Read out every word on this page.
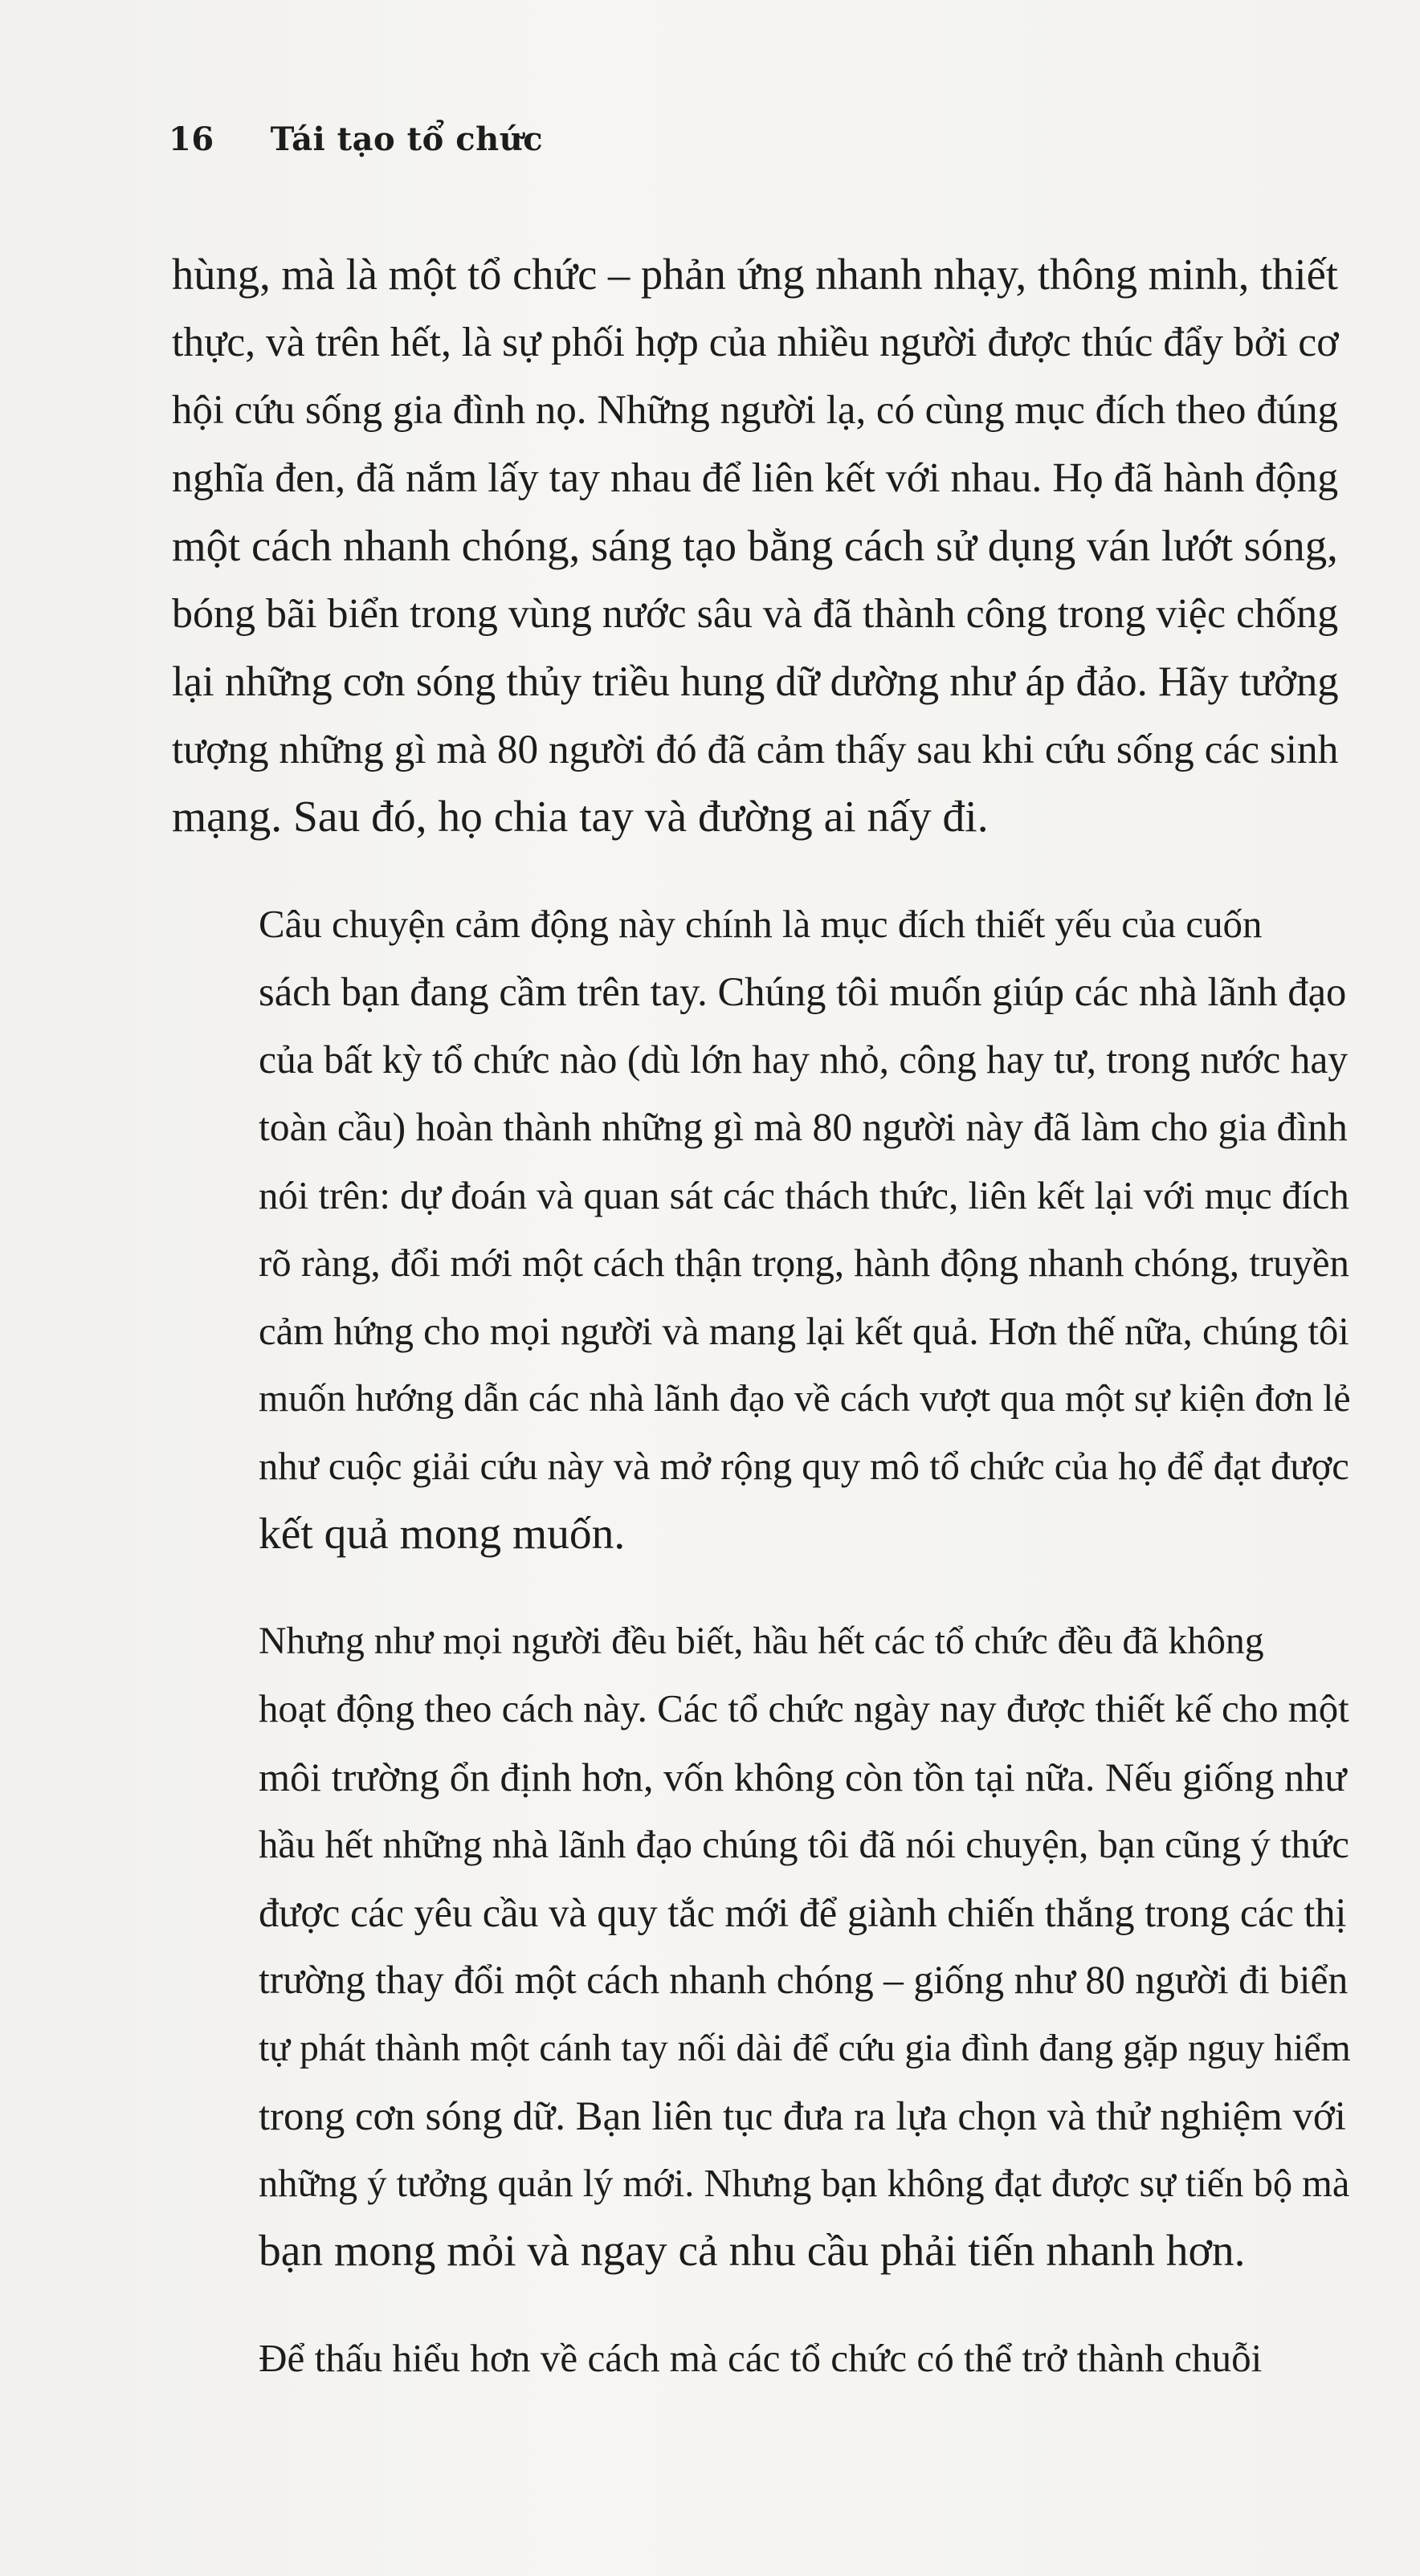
16 Tái tạo tổ chức

hùng, mà là một tổ chức – phản ứng nhanh nhạy, thông minh, thiết
thực, và trên hết, là sự phối hợp của nhiều người được thúc đẩy bởi cơ
hội cứu sống gia đình nọ. Những người lạ, có cùng mục đích theo đúng
nghĩa đen, đã nắm lấy tay nhau để liên kết với nhau. Họ đã hành động
một cách nhanh chóng, sáng tạo bằng cách sử dụng ván lướt sóng,
bóng bãi biển trong vùng nước sâu và đã thành công trong việc chống
lại những cơn sóng thủy triều hung dữ dường như áp đảo. Hãy tưởng
tượng những gì mà 80 người đó đã cảm thấy sau khi cứu sống các sinh
mạng. Sau đó, họ chia tay và đường ai nấy đi.

Câu chuyện cảm động này chính là mục đích thiết yếu của cuốn
sách bạn đang cầm trên tay. Chúng tôi muốn giúp các nhà lãnh đạo
của bất kỳ tổ chức nào (dù lớn hay nhỏ, công hay tư, trong nước hay
toàn cầu) hoàn thành những gì mà 80 người này đã làm cho gia đình
nói trên: dự đoán và quan sát các thách thức, liên kết lại với mục đích
rõ ràng, đổi mới một cách thận trọng, hành động nhanh chóng, truyền
cảm hứng cho mọi người và mang lại kết quả. Hơn thế nữa, chúng tôi
muốn hướng dẫn các nhà lãnh đạo về cách vượt qua một sự kiện đơn lẻ
như cuộc giải cứu này và mở rộng quy mô tổ chức của họ để đạt được
kết quả mong muốn.

Nhưng như mọi người đều biết, hầu hết các tổ chức đều đã không
hoạt động theo cách này. Các tổ chức ngày nay được thiết kế cho một
môi trường ổn định hơn, vốn không còn tồn tại nữa. Nếu giống như
hầu hết những nhà lãnh đạo chúng tôi đã nói chuyện, bạn cũng ý thức
được các yêu cầu và quy tắc mới để giành chiến thắng trong các thị
trường thay đổi một cách nhanh chóng – giống như 80 người đi biển
tự phát thành một cánh tay nối dài để cứu gia đình đang gặp nguy hiểm
trong cơn sóng dữ. Bạn liên tục đưa ra lựa chọn và thử nghiệm với
những ý tưởng quản lý mới. Nhưng bạn không đạt được sự tiến bộ mà
bạn mong mỏi và ngay cả nhu cầu phải tiến nhanh hơn.

Để thấu hiểu hơn về cách mà các tổ chức có thể trở thành chuỗi
